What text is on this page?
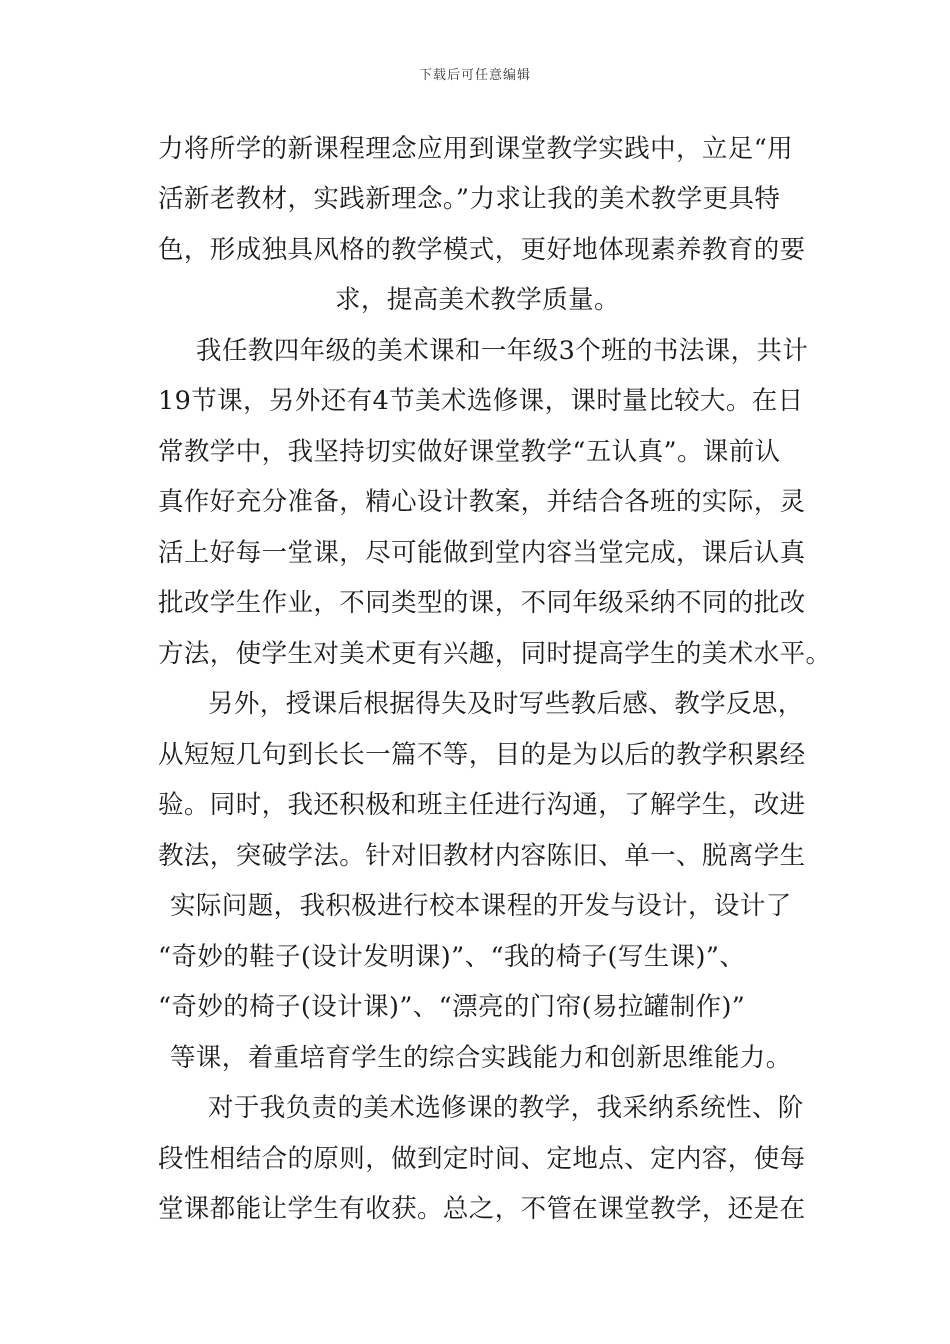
下载后可任意编辑
力将所学的新课程理念应用到课堂教学实践中，立足“用
活新老教材，实践新理念。”力求让我的美术教学更具特
色，形成独具风格的教学模式，更好地体现素养教育的要
求，提高美术教学质量。
我任教四年级的美术课和一年级3个班的书法课，共计
19节课，另外还有4节美术选修课，课时量比较大。在日
常教学中，我坚持切实做好课堂教学“五认真”。课前认
真作好充分准备，精心设计教案，并结合各班的实际，灵
活上好每一堂课，尽可能做到堂内容当堂完成，课后认真
批改学生作业，不同类型的课，不同年级采纳不同的批改
方法，使学生对美术更有兴趣，同时提高学生的美术水平。
另外，授课后根据得失及时写些教后感、教学反思，
从短短几句到长长一篇不等，目的是为以后的教学积累经
验。同时，我还积极和班主任进行沟通，了解学生，改进
教法，突破学法。针对旧教材内容陈旧、单一、脱离学生
实际问题，我积极进行校本课程的开发与设计，设计了
“奇妙的鞋子(设计发明课)”、“我的椅子(写生课)”、
“奇妙的椅子(设计课)”、“漂亮的门帘(易拉罐制作)”
等课，着重培育学生的综合实践能力和创新思维能力。
对于我负责的美术选修课的教学，我采纳系统性、阶
段性相结合的原则，做到定时间、定地点、定内容，使每
堂课都能让学生有收获。总之，不管在课堂教学，还是在
